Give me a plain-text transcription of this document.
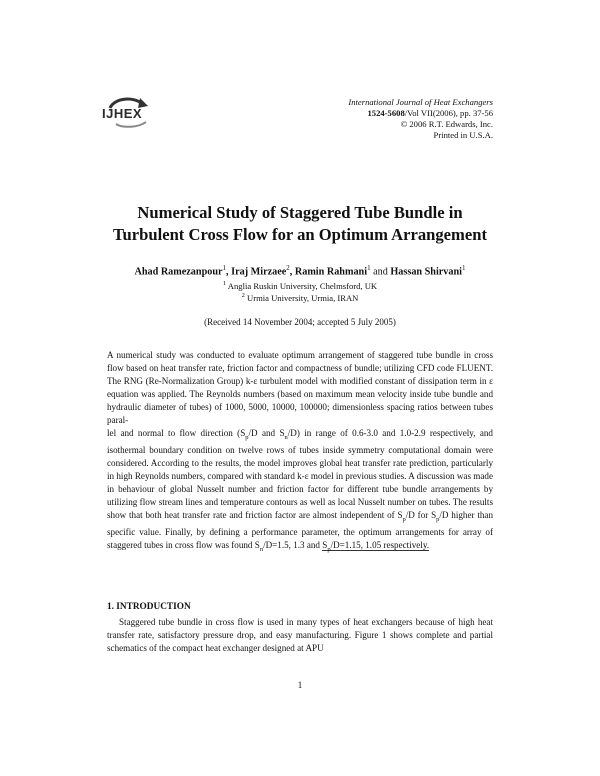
IJHEX
International Journal of Heat Exchangers
1524-5608/Vol VII(2006), pp. 37-56
© 2006 R.T. Edwards, Inc.
Printed in U.S.A.
Numerical Study of Staggered Tube Bundle in
Turbulent Cross Flow for an Optimum Arrangement
Ahad Ramezanpour$^1$, Iraj Mirzaee$^2$, Ramin Rahmani$^1$ and Hassan Shirvani$^1$
$^1$ Anglia Ruskin University, Chelmsford, UK
$^2$ Urmia University, Urmia, IRAN
(Received 14 November 2004; accepted 5 July 2005)

A numerical study was conducted to evaluate optimum arrangement of staggered tube bundle in cross flow based on heat transfer rate, friction factor and compactness of bundle; utilizing CFD code FLUENT. The RNG (Re-Normalization Group) k-ε turbulent model with modified constant of dissipation term in ε equation was applied. The Reynolds numbers (based on maximum mean velocity inside tube bundle and hydraulic diameter of tubes) of 1000, 5000, 10000, 100000; dimensionless spacing ratios between tubes paral-

lel and normal to flow direction ($S_p/D$ and $S_n/D$) in range of 0.6-3.0 and 1.0-2.9 respectively, and isothermal boundary condition on twelve rows of tubes inside symmetry computational domain were considered. According to the results, the model improves global heat transfer rate prediction, particularly in high Reynolds numbers, compared with standard k-ε model in previous studies. A discussion was made in behaviour of global Nusselt number and friction factor for different tube bundle arrangements by utilizing flow stream lines and temperature contours as well as local Nusselt number on tubes. The results show that both heat transfer rate and friction factor are almost independent of $S_p/D$ for $S_p/D$ higher than specific value. Finally, by defining a performance parameter, the optimum arrangements for array of staggered tubes in cross flow was found $S_n/D=1.5$, 1.3 and $S_p/D=1.15$, 1.05 respectively.

1. INTRODUCTION

Staggered tube bundle in cross flow is used in many types of heat exchangers because of high heat transfer rate, satisfactory pressure drop, and easy manufacturing. Figure 1 shows complete and partial schematics of the compact heat exchanger designed at APU

1
